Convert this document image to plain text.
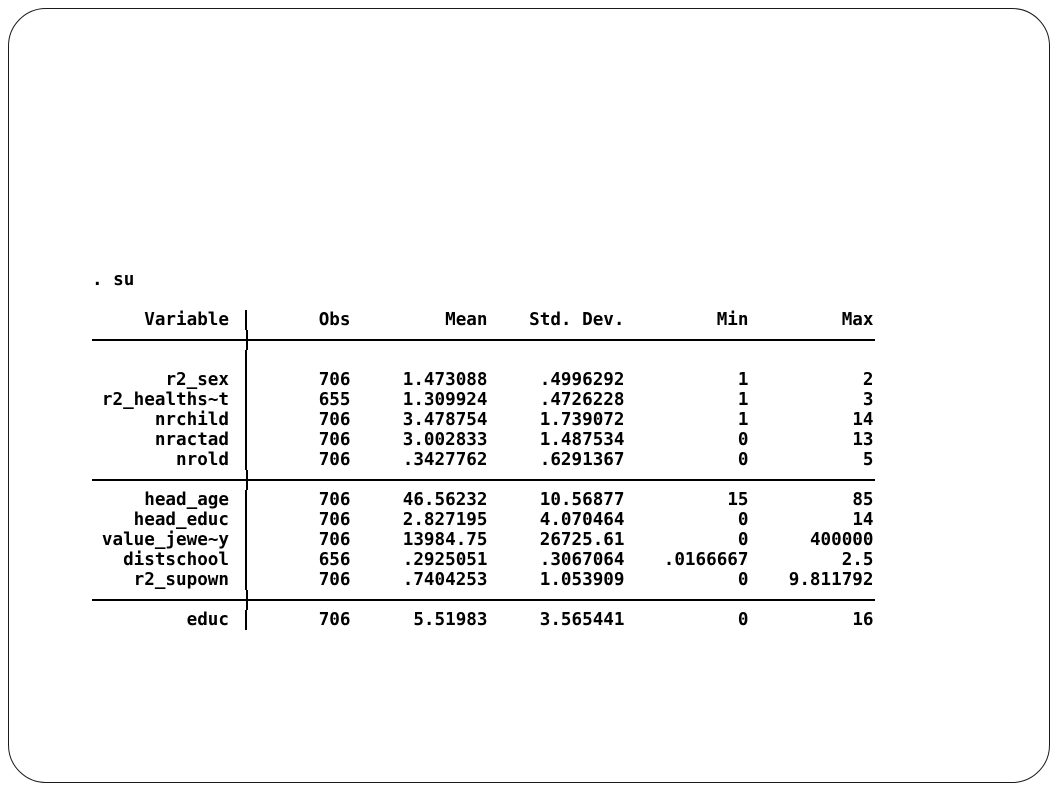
. su
Variable	Obs	Mean	Std. Dev.	Min	Max
r2_sex	706	1.473088	.4996292	1	2
r2_healths~t	655	1.309924	.4726228	1	3
nrchild	706	3.478754	1.739072	1	14
nractad	706	3.002833	1.487534	0	13
nrold	706	.3427762	.6291367	0	5
head_age	706	46.56232	10.56877	15	85
head_educ	706	2.827195	4.070464	0	14
value_jewe~y	706	13984.75	26725.61	0	400000
distschool	656	.2925051	.3067064	.0166667	2.5
r2_supown	706	.7404253	1.053909	0	9.811792
educ	706	5.51983	3.565441	0	16
